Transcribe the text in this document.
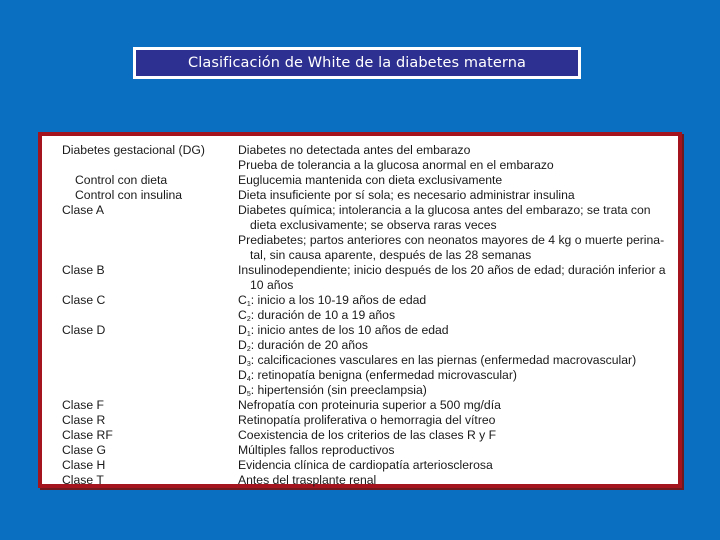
Clasificación de White de la diabetes materna
Diabetes gestacional (DG)	Diabetes no detectada antes del embarazo
Prueba de tolerancia a la glucosa anormal en el embarazo
Control con dieta	Euglucemia mantenida con dieta exclusivamente
Control con insulina	Dieta insuficiente por sí sola; es necesario administrar insulina
Clase A	Diabetes química; intolerancia a la glucosa antes del embarazo; se trata con
dieta exclusivamente; se observa raras veces
Prediabetes; partos anteriores con neonatos mayores de 4 kg o muerte perina-
tal, sin causa aparente, después de las 28 semanas
Clase B	Insulinodependiente; inicio después de los 20 años de edad; duración inferior a
10 años
Clase C	$C_1$: inicio a los 10-19 años de edad
$C_2$: duración de 10 a 19 años
Clase D	$D_1$: inicio antes de los 10 años de edad
$D_2$: duración de 20 años
$D_3$: calcificaciones vasculares en las piernas (enfermedad macrovascular)
$D_4$: retinopatía benigna (enfermedad microvascular)
$D_5$: hipertensión (sin preeclampsia)
Clase F	Nefropatía con proteinuria superior a 500 mg/día
Clase R	Retinopatía proliferativa o hemorragia del vítreo
Clase RF	Coexistencia de los criterios de las clases R y F
Clase G	Múltiples fallos reproductivos
Clase H	Evidencia clínica de cardiopatía arteriosclerosa
Clase T	Antes del trasplante renal
